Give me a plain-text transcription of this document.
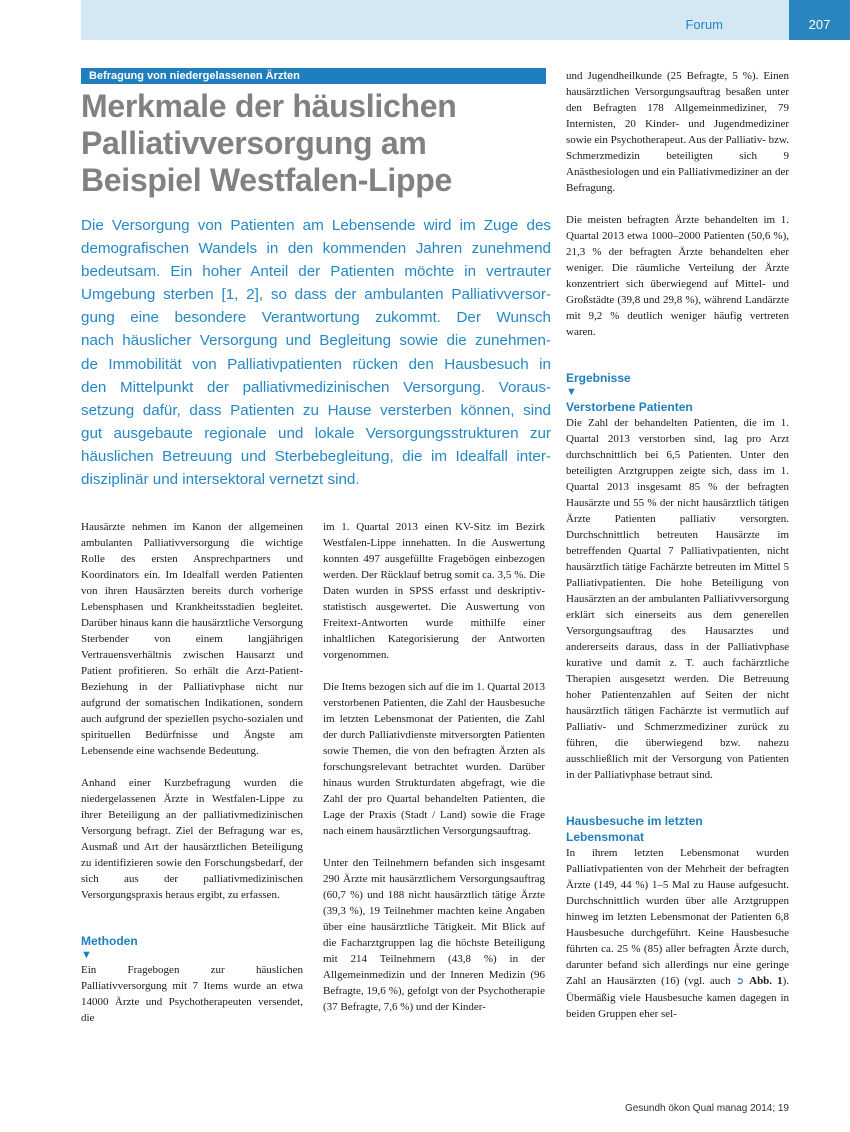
Forum	207
Befragung von niedergelassenen Ärzten
Merkmale der häuslichen
Palliativversorgung am
Beispiel Westfalen-Lippe
Die Versorgung von Patienten am Lebensende wird im Zuge des
demografischen Wandels in den kommenden Jahren zunehmend
bedeutsam. Ein hoher Anteil der Patienten möchte in vertrauter
Umgebung sterben [1, 2], so dass der ambulanten Palliativversor-
gung eine besondere Verantwortung zukommt. Der Wunsch
nach häuslicher Versorgung und Begleitung sowie die zunehmen-
de Immobilität von Palliativpatienten rücken den Hausbesuch in
den Mittelpunkt der palliativmedizinischen Versorgung. Voraus-
setzung dafür, dass Patienten zu Hause versterben können, sind
gut ausgebaute regionale und lokale Versorgungsstrukturen zur
häuslichen Betreuung und Sterbebegleitung, die im Idealfall inter-
disziplinär und intersektoral vernetzt sind.

Hausärzte nehmen im Kanon der allgemeinen ambulanten Palliativversorgung die wichtige Rolle des ersten Ansprechpartners und Koordinators ein. Im Idealfall werden Patienten von ihren Hausärzten bereits durch vorherige Lebensphasen und Krankheitsstadien begleitet. Darüber hinaus kann die hausärztliche Versorgung Sterbender von einem langjährigen Vertrauensverhältnis zwischen Hausarzt und Patient profitieren. So erhält die Arzt-Patient-Beziehung in der Palliativphase nicht nur aufgrund der somatischen Indikationen, sondern auch aufgrund der speziellen psycho-sozialen und spirituellen Bedürfnisse und Ängste am Lebensende eine wachsende Bedeutung.

Anhand einer Kurzbefragung wurden die niedergelassenen Ärzte in Westfalen-Lippe zu ihrer Beteiligung an der palliativmedizinischen Versorgung befragt. Ziel der Befragung war es, Ausmaß und Art der hausärztlichen Beteiligung zu identifizieren sowie den Forschungsbedarf, der sich aus der palliativmedizinischen Versorgungspraxis heraus ergibt, zu erfassen.

Methoden
▼

Ein Fragebogen zur häuslichen Palliativversorgung mit 7 Items wurde an etwa 14000 Ärzte und Psychotherapeuten versendet, die

im 1. Quartal 2013 einen KV-Sitz im Bezirk Westfalen-Lippe innehatten. In die Auswertung konnten 497 ausgefüllte Fragebögen einbezogen werden. Der Rücklauf betrug somit ca. 3,5 %. Die Daten wurden in SPSS erfasst und deskriptiv-statistisch ausgewertet. Die Auswertung von Freitext-Antworten wurde mithilfe einer inhaltlichen Kategorisierung der Antworten vorgenommen.

Die Items bezogen sich auf die im 1. Quartal 2013 verstorbenen Patienten, die Zahl der Hausbesuche im letzten Lebensmonat der Patienten, die Zahl der durch Palliativdienste mitversorgten Patienten sowie Themen, die von den befragten Ärzten als forschungsrelevant betrachtet wurden. Darüber hinaus wurden Strukturdaten abgefragt, wie die Zahl der pro Quartal behandelten Patienten, die Lage der Praxis (Stadt / Land) sowie die Frage nach einem hausärztlichen Versorgungsauftrag.

Unter den Teilnehmern befanden sich insgesamt 290 Ärzte mit hausärztlichem Versorgungsauftrag (60,7 %) und 188 nicht hausärztlich tätige Ärzte (39,3 %), 19 Teilnehmer machten keine Angaben über eine hausärztliche Tätigkeit. Mit Blick auf die Facharztgruppen lag die höchste Beteiligung mit 214 Teilnehmern (43,8 %) in der Allgemeinmedizin und der Inneren Medizin (96 Befragte, 19,6 %), gefolgt von der Psychotherapie (37 Befragte, 7,6 %) und der Kinder-

und Jugendheilkunde (25 Befragte, 5 %). Einen hausärztlichen Versorgungsauftrag besaßen unter den Befragten 178 Allgemeinmediziner, 79 Internisten, 20 Kinder- und Jugendmediziner sowie ein Psychotherapeut. Aus der Palliativ- bzw. Schmerzmedizin beteiligten sich 9 Anästhesiologen und ein Palliativmediziner an der Befragung.

Die meisten befragten Ärzte behandelten im 1. Quartal 2013 etwa 1000–2000 Patienten (50,6 %), 21,3 % der befragten Ärzte behandelten eher weniger. Die räumliche Verteilung der Ärzte konzentriert sich überwiegend auf Mittel- und Großstädte (39,8 und 29,8 %), während Landärzte mit 9,2 % deutlich weniger häufig vertreten waren.

Ergebnisse
▼
Verstorbene Patienten

Die Zahl der behandelten Patienten, die im 1. Quartal 2013 verstorben sind, lag pro Arzt durchschnittlich bei 6,5 Patienten. Unter den beteiligten Arztgruppen zeigte sich, dass im 1. Quartal 2013 insgesamt 85 % der befragten Hausärzte und 55 % der nicht hausärztlich tätigen Ärzte Patienten palliativ versorgten. Durchschnittlich betreuten Hausärzte im betreffenden Quartal 7 Palliativpatienten, nicht hausärztlich tätige Fachärzte betreuten im Mittel 5 Palliativpatienten. Die hohe Beteiligung von Hausärzten an der ambulanten Palliativversorgung erklärt sich einerseits aus dem generellen Versorgungsauftrag des Hausarztes und andererseits daraus, dass in der Palliativphase kurative und damit z. T. auch fachärztliche Therapien ausgesetzt werden. Die Betreuung hoher Patientenzahlen auf Seiten der nicht hausärztlich tätigen Fachärzte ist vermutlich auf Palliativ- und Schmerzmediziner zurück zu führen, die überwiegend bzw. nahezu ausschließlich mit der Versorgung von Patienten in der Palliativphase betraut sind.

Hausbesuche im letzten
Lebensmonat

In ihrem letzten Lebensmonat wurden Palliativpatienten von der Mehrheit der befragten Ärzte (149, 44 %) 1–5 Mal zu Hause aufgesucht. Durchschnittlich wurden über alle Arztgruppen hinweg im letzten Lebensmonat der Patienten 6,8 Hausbesuche durchgeführt. Keine Hausbesuche führten ca. 25 % (85) aller befragten Ärzte durch, darunter befand sich allerdings nur eine geringe Zahl an Hausärzten (16) (vgl. auch ➲ Abb. 1). Übermäßig viele Hausbesuche kamen dagegen in beiden Gruppen eher sel-

Gesundh ökon Qual manag 2014; 19
